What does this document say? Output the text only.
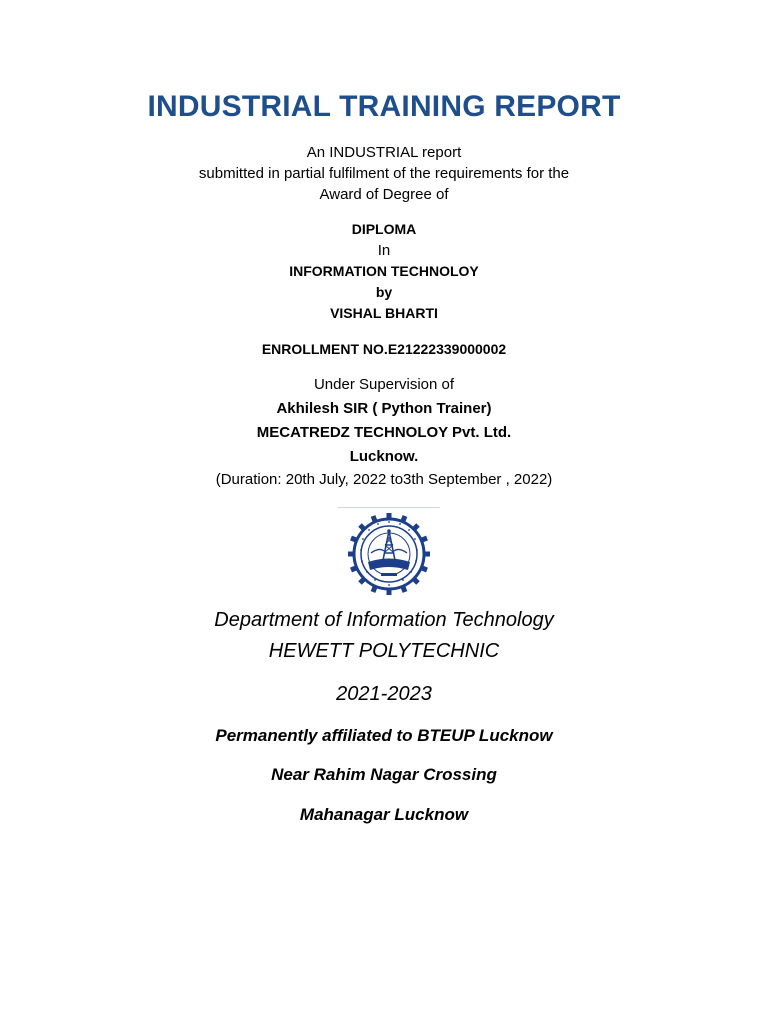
INDUSTRIAL TRAINING REPORT
An INDUSTRIAL report
submitted in partial fulfilment of the requirements for the
Award of Degree of
DIPLOMA
In
INFORMATION TECHNOLOY
by
VISHAL BHARTI
ENROLLMENT NO.E21222339000002
Under Supervision of
Akhilesh SIR ( Python Trainer)
MECATREDZ TECHNOLOY Pvt. Ltd.
Lucknow.
(Duration: 20th July, 2022 to3th September , 2022)
Department of Information Technology
HEWETT POLYTECHNIC
2021-2023
Permanently affiliated to BTEUP Lucknow
Near Rahim Nagar Crossing
Mahanagar Lucknow
